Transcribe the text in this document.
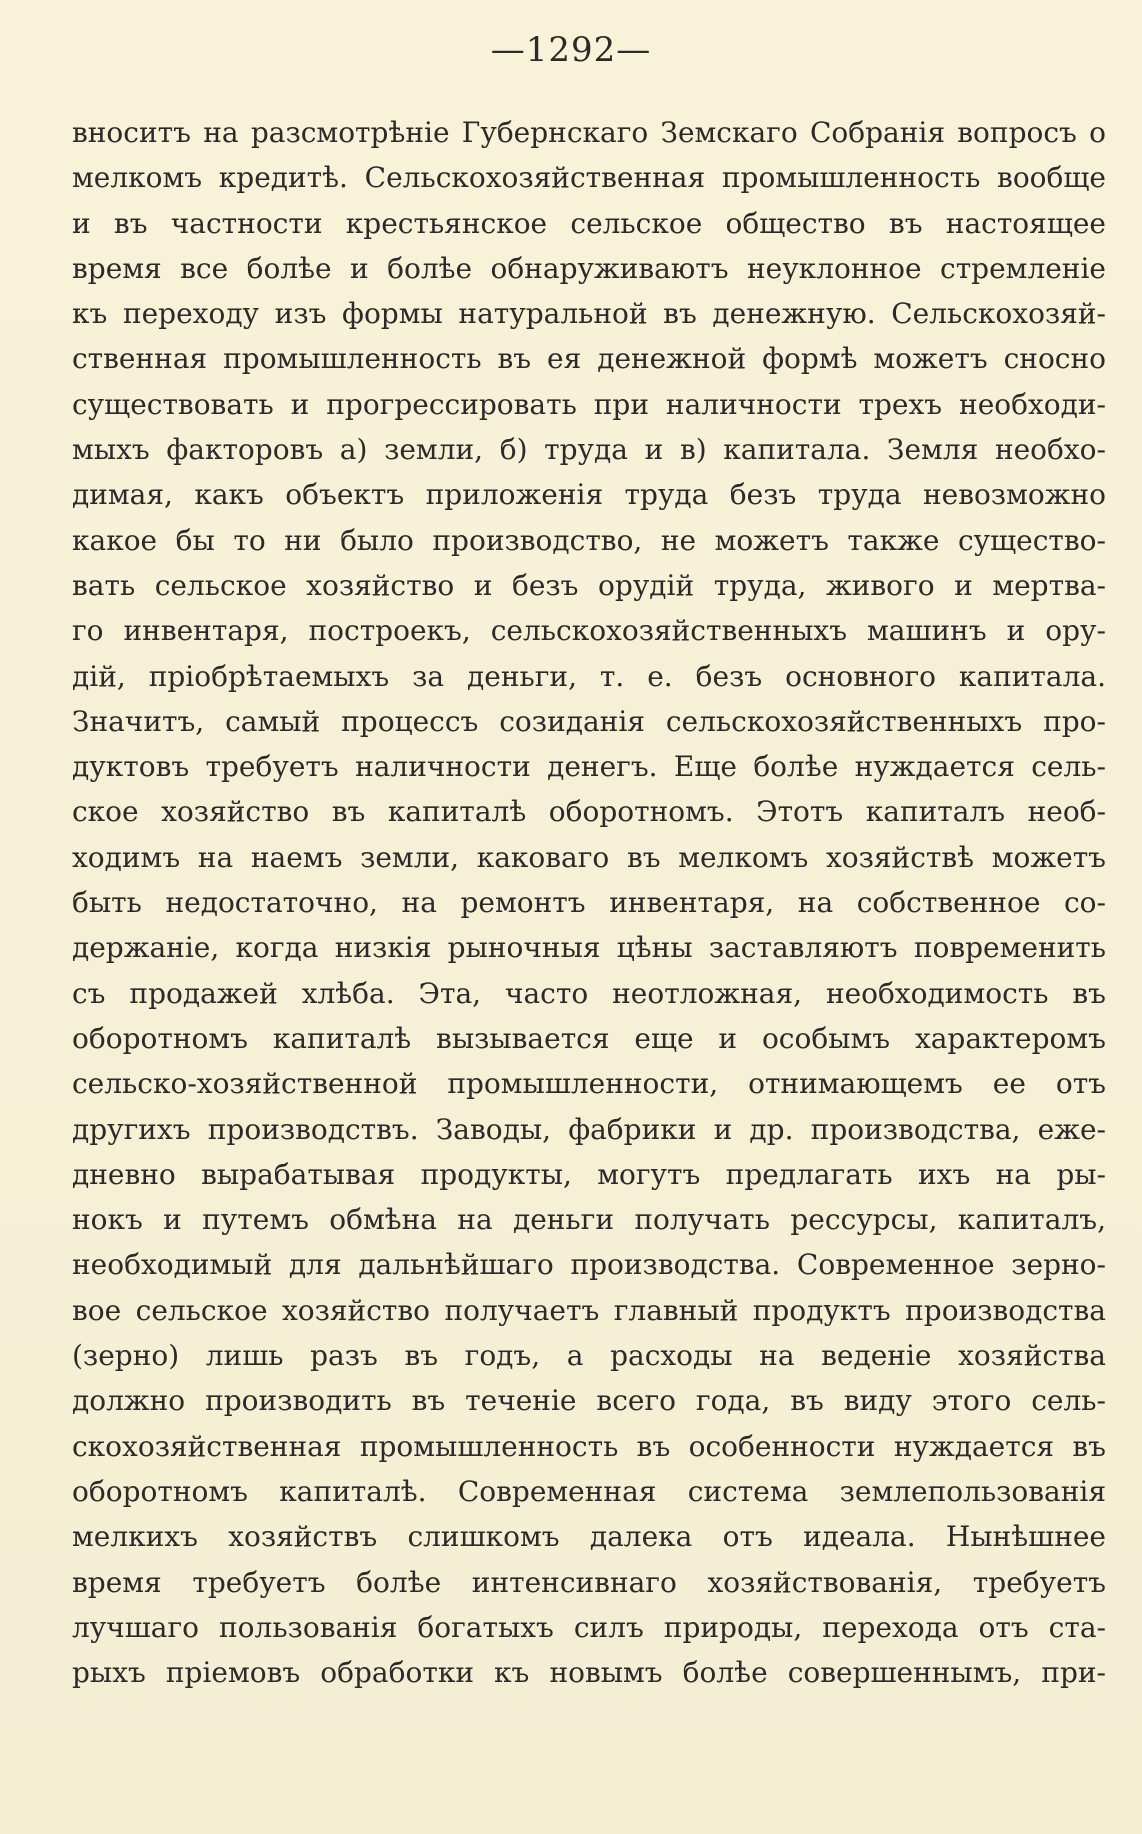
—1292—
вноситъ на разсмотрѣніе Губернскаго Земскаго Собранія вопросъ о
мелкомъ кредитѣ. Сельскохозяйственная промышленность вообще
и въ частности крестьянское сельское общество въ настоящее
время все болѣе и болѣе обнаруживаютъ неуклонное стремленіе
къ переходу изъ формы натуральной въ денежную. Сельскохозяй-
ственная промышленность въ ея денежной формѣ можетъ сносно
существовать и прогрессировать при наличности трехъ необходи-
мыхъ факторовъ а) земли, б) труда и в) капитала. Земля необхо-
димая, какъ объектъ приложенія труда безъ труда невозможно
какое бы то ни было производство, не можетъ также существо-
вать сельское хозяйство и безъ орудій труда, живого и мертва-
го инвентаря, построекъ, сельскохозяйственныхъ машинъ и ору-
дій, пріобрѣтаемыхъ за деньги, т. е. безъ основного капитала.
Значитъ, самый процессъ созиданія сельскохозяйственныхъ про-
дуктовъ требуетъ наличности денегъ. Еще болѣе нуждается сель-
ское хозяйство въ капиталѣ оборотномъ. Этотъ капиталъ необ-
ходимъ на наемъ земли, каковаго въ мелкомъ хозяйствѣ можетъ
быть недостаточно, на ремонтъ инвентаря, на собственное со-
держаніе, когда низкія рыночныя цѣны заставляютъ повременить
съ продажей хлѣба. Эта, часто неотложная, необходимость въ
оборотномъ капиталѣ вызывается еще и особымъ характеромъ
сельско-хозяйственной промышленности, отнимающемъ ее отъ
другихъ производствъ. Заводы, фабрики и др. производства, еже-
дневно вырабатывая продукты, могутъ предлагать ихъ на ры-
нокъ и путемъ обмѣна на деньги получать рессурсы, капиталъ,
необходимый для дальнѣйшаго производства. Современное зерно-
вое сельское хозяйство получаетъ главный продуктъ производства
(зерно) лишь разъ въ годъ, а расходы на веденіе хозяйства
должно производить въ теченіе всего года, въ виду этого сель-
скохозяйственная промышленность въ особенности нуждается въ
оборотномъ капиталѣ. Современная система землепользованія
мелкихъ хозяйствъ слишкомъ далека отъ идеала. Нынѣшнее
время требуетъ болѣе интенсивнаго хозяйствованія, требуетъ
лучшаго пользованія богатыхъ силъ природы, перехода отъ ста-
рыхъ пріемовъ обработки къ новымъ болѣе совершеннымъ, при-
